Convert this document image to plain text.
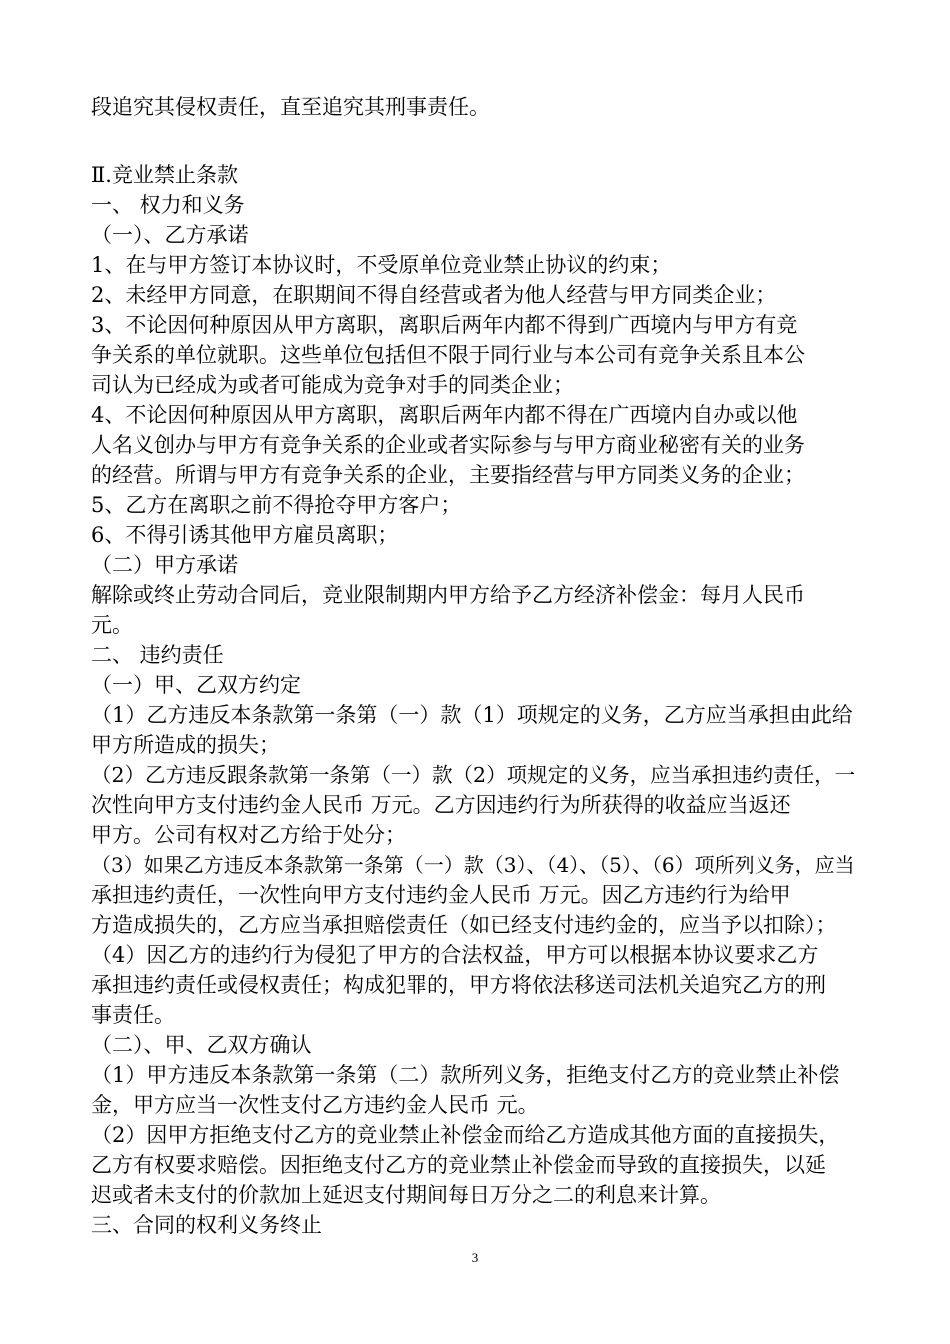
段追究其侵权责任，直至追究其刑事责任。
Ⅱ.竞业禁止条款
一、 权力和义务
（一）、乙方承诺
1、在与甲方签订本协议时，不受原单位竞业禁止协议的约束；
2、未经甲方同意，在职期间不得自经营或者为他人经营与甲方同类企业；
3、不论因何种原因从甲方离职，离职后两年内都不得到广西境内与甲方有竞
争关系的单位就职。这些单位包括但不限于同行业与本公司有竞争关系且本公
司认为已经成为或者可能成为竞争对手的同类企业；
4、不论因何种原因从甲方离职，离职后两年内都不得在广西境内自办或以他
人名义创办与甲方有竞争关系的企业或者实际参与与甲方商业秘密有关的业务
的经营。所谓与甲方有竞争关系的企业，主要指经营与甲方同类义务的企业；
5、乙方在离职之前不得抢夺甲方客户；
6、不得引诱其他甲方雇员离职；
（二）甲方承诺
解除或终止劳动合同后，竞业限制期内甲方给予乙方经济补偿金：每月人民币
元。
二、 违约责任
（一）甲、乙双方约定
（1）乙方违反本条款第一条第（一）款（1）项规定的义务，乙方应当承担由此给
甲方所造成的损失；
（2）乙方违反跟条款第一条第（一）款（2）项规定的义务，应当承担违约责任，一
次性向甲方支付违约金人民币 万元。乙方因违约行为所获得的收益应当返还
甲方。公司有权对乙方给于处分；
（3）如果乙方违反本条款第一条第（一）款（3）、（4）、（5）、（6）项所列义务，应当
承担违约责任，一次性向甲方支付违约金人民币 万元。因乙方违约行为给甲
方造成损失的，乙方应当承担赔偿责任（如已经支付违约金的，应当予以扣除）；
（4）因乙方的违约行为侵犯了甲方的合法权益，甲方可以根据本协议要求乙方
承担违约责任或侵权责任；构成犯罪的，甲方将依法移送司法机关追究乙方的刑
事责任。
（二）、甲、乙双方确认
（1）甲方违反本条款第一条第（二）款所列义务，拒绝支付乙方的竞业禁止补偿
金，甲方应当一次性支付乙方违约金人民币 元。
（2）因甲方拒绝支付乙方的竞业禁止补偿金而给乙方造成其他方面的直接损失，
乙方有权要求赔偿。因拒绝支付乙方的竞业禁止补偿金而导致的直接损失，以延
迟或者未支付的价款加上延迟支付期间每日万分之二的利息来计算。
三、合同的权利义务终止
3
